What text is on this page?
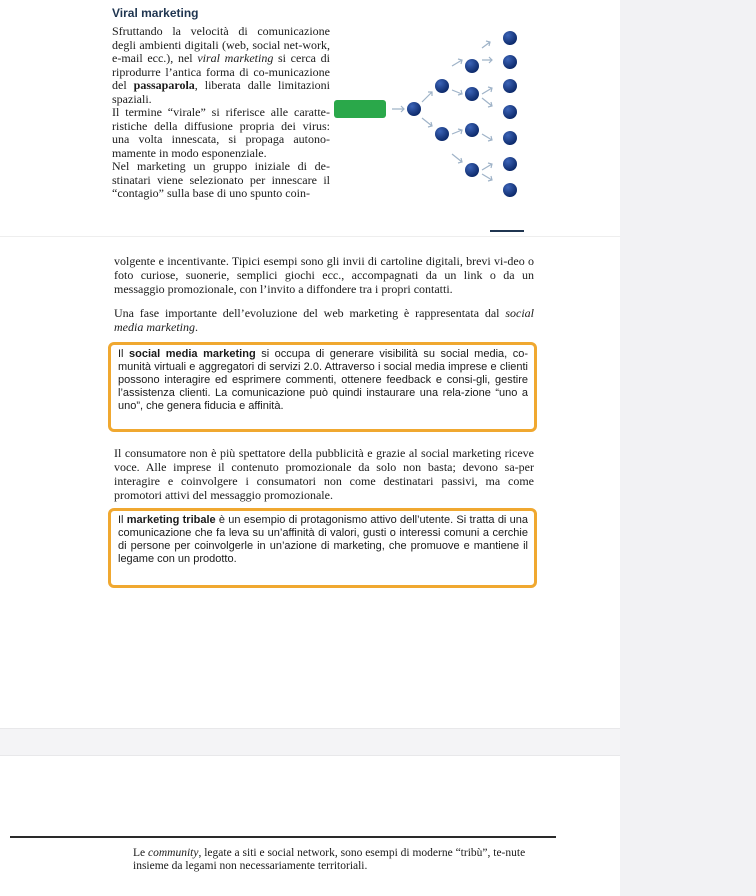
Viral marketing

Sfruttando la velocità di comunicazione degli ambienti digitali (web, social net-work, e-mail ecc.), nel viral marketing si cerca di riprodurre l’antica forma di co-municazione del passaparola, liberata dalle limitazioni spaziali.

Il termine “virale” si riferisce alle caratte-ristiche della diffusione propria dei virus: una volta innescata, si propaga autono-mamente in modo esponenziale.

Nel marketing un gruppo iniziale di de-stinatari viene selezionato per innescare il “contagio” sulla base di uno spunto coin-

volgente e incentivante. Tipici esempi sono gli invii di cartoline digitali, brevi vi-deo o foto curiose, suonerie, semplici giochi ecc., accompagnati da un link o da un messaggio promozionale, con l’invito a diffondere tra i propri contatti.
Una fase importante dell’evoluzione del web marketing è rappresentata dal social media marketing.
Il social media marketing si occupa di generare visibilità su social media, co-munità virtuali e aggregatori di servizi 2.0. Attraverso i social media imprese e clienti possono interagire ed esprimere commenti, ottenere feedback e consi-gli, gestire l’assistenza clienti. La comunicazione può quindi instaurare una rela-zione “uno a uno”, che genera fiducia e affinità.
Il consumatore non è più spettatore della pubblicità e grazie al social marketing riceve voce. Alle imprese il contenuto promozionale da solo non basta; devono sa-per interagire e coinvolgere i consumatori non come destinatari passivi, ma come promotori attivi del messaggio promozionale.
Il marketing tribale è un esempio di protagonismo attivo dell’utente. Si tratta di una comunicazione che fa leva su un’affinità di valori, gusti o interessi comuni a cerchie di persone per coinvolgerle in un’azione di marketing, che promuove e mantiene il legame con un prodotto.
Le community, legate a siti e social network, sono esempi di moderne “tribù”, te-nute insieme da legami non necessariamente territoriali.
